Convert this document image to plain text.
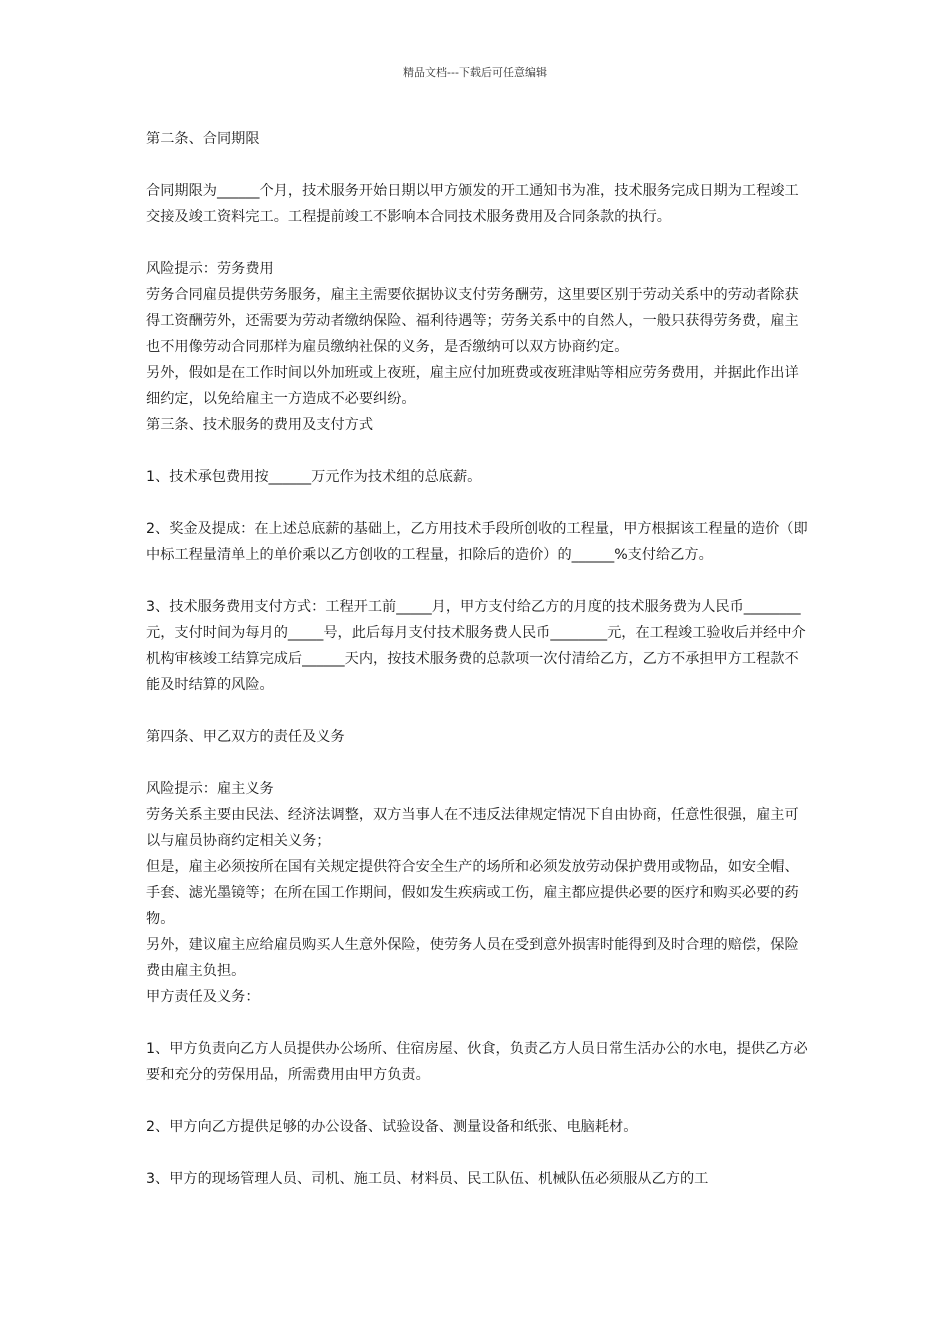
精品文档---下载后可任意编辑

第二条、合同期限

合同期限为______个月，技术服务开始日期以甲方颁发的开工通知书为准，技术服务完成日期为工程竣工交接及竣工资料完工。工程提前竣工不影响本合同技术服务费用及合同条款的执行。

风险提示：劳务费用

劳务合同雇员提供劳务服务，雇主主需要依据协议支付劳务酬劳，这里要区别于劳动关系中的劳动者除获得工资酬劳外，还需要为劳动者缴纳保险、福利待遇等；劳务关系中的自然人，一般只获得劳务费，雇主也不用像劳动合同那样为雇员缴纳社保的义务，是否缴纳可以双方协商约定。

另外，假如是在工作时间以外加班或上夜班，雇主应付加班费或夜班津贴等相应劳务费用，并据此作出详细约定，以免给雇主一方造成不必要纠纷。

第三条、技术服务的费用及支付方式

1、技术承包费用按______万元作为技术组的总底薪。

2、奖金及提成：在上述总底薪的基础上，乙方用技术手段所创收的工程量，甲方根据该工程量的造价（即中标工程量清单上的单价乘以乙方创收的工程量，扣除后的造价）的______%支付给乙方。

3、技术服务费用支付方式：工程开工前_____月，甲方支付给乙方的月度的技术服务费为人民币________元，支付时间为每月的_____号，此后每月支付技术服务费人民币________元，在工程竣工验收后并经中介机构审核竣工结算完成后______天内，按技术服务费的总款项一次付清给乙方，乙方不承担甲方工程款不能及时结算的风险。

第四条、甲乙双方的责任及义务

风险提示：雇主义务

劳务关系主要由民法、经济法调整，双方当事人在不违反法律规定情况下自由协商，任意性很强，雇主可以与雇员协商约定相关义务；

但是，雇主必须按所在国有关规定提供符合安全生产的场所和必须发放劳动保护费用或物品，如安全帽、手套、滤光墨镜等；在所在国工作期间，假如发生疾病或工伤，雇主都应提供必要的医疗和购买必要的药物。

另外，建议雇主应给雇员购买人生意外保险，使劳务人员在受到意外损害时能得到及时合理的赔偿，保险费由雇主负担。

甲方责任及义务：

1、甲方负责向乙方人员提供办公场所、住宿房屋、伙食，负责乙方人员日常生活办公的水电，提供乙方必要和充分的劳保用品，所需费用由甲方负责。

2、甲方向乙方提供足够的办公设备、试验设备、测量设备和纸张、电脑耗材。

3、甲方的现场管理人员、司机、施工员、材料员、民工队伍、机械队伍必须服从乙方的工
